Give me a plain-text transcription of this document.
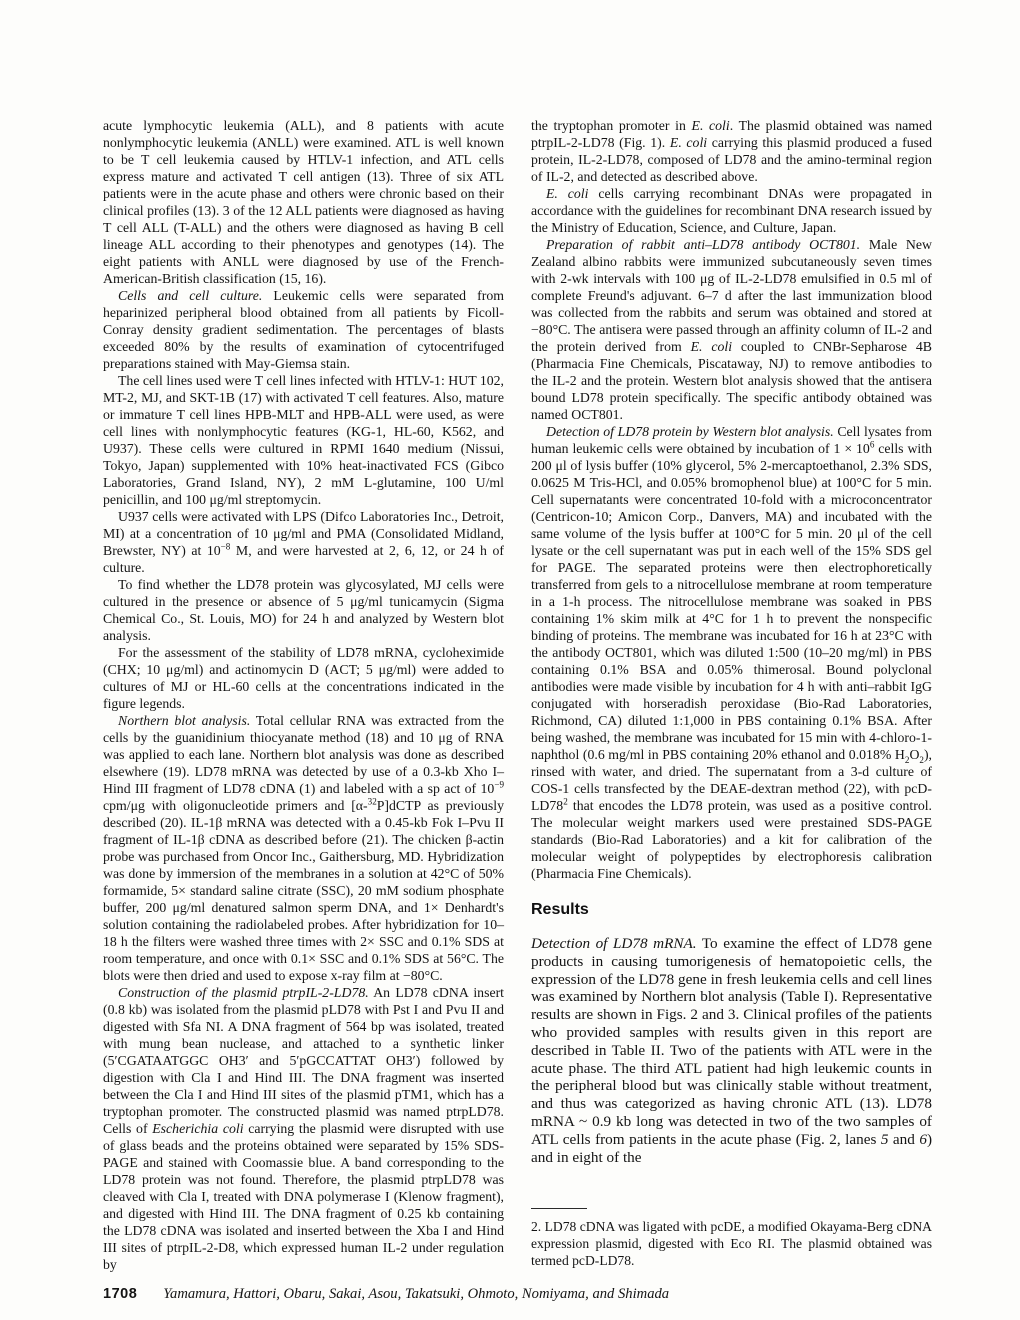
acute lymphocytic leukemia (ALL), and 8 patients with acute nonlymphocytic leukemia (ANLL) were examined. ATL is well known to be T cell leukemia caused by HTLV-1 infection, and ATL cells express mature and activated T cell antigen (13). Three of six ATL patients were in the acute phase and others were chronic based on their clinical profiles (13). 3 of the 12 ALL patients were diagnosed as having T cell ALL (T-ALL) and the others were diagnosed as having B cell lineage ALL according to their phenotypes and genotypes (14). The eight patients with ANLL were diagnosed by use of the French-American-British classification (15, 16).

Cells and cell culture. Leukemic cells were separated from heparinized peripheral blood obtained from all patients by Ficoll-Conray density gradient sedimentation. The percentages of blasts exceeded 80% by the results of examination of cytocentrifuged preparations stained with May-Giemsa stain.

The cell lines used were T cell lines infected with HTLV-1: HUT 102, MT-2, MJ, and SKT-1B (17) with activated T cell features. Also, mature or immature T cell lines HPB-MLT and HPB-ALL were used, as were cell lines with nonlymphocytic features (KG-1, HL-60, K562, and U937). These cells were cultured in RPMI 1640 medium (Nissui, Tokyo, Japan) supplemented with 10% heat-inactivated FCS (Gibco Laboratories, Grand Island, NY), 2 mM L-glutamine, 100 U/ml penicillin, and 100 μg/ml streptomycin.

U937 cells were activated with LPS (Difco Laboratories Inc., Detroit, MI) at a concentration of 10 μg/ml and PMA (Consolidated Midland, Brewster, NY) at $10^{-8}$ M, and were harvested at 2, 6, 12, or 24 h of culture.

To find whether the LD78 protein was glycosylated, MJ cells were cultured in the presence or absence of 5 μg/ml tunicamycin (Sigma Chemical Co., St. Louis, MO) for 24 h and analyzed by Western blot analysis.

For the assessment of the stability of LD78 mRNA, cycloheximide (CHX; 10 μg/ml) and actinomycin D (ACT; 5 μg/ml) were added to cultures of MJ or HL-60 cells at the concentrations indicated in the figure legends.

Northern blot analysis. Total cellular RNA was extracted from the cells by the guanidinium thiocyanate method (18) and 10 μg of RNA was applied to each lane. Northern blot analysis was done as described elsewhere (19). LD78 mRNA was detected by use of a 0.3-kb Xho I–Hind III fragment of LD78 cDNA (1) and labeled with a sp act of $10^{-9}$ cpm/μg with oligonucleotide primers and [α-$^{32}$P]dCTP as previously described (20). IL-1β mRNA was detected with a 0.45-kb Fok I–Pvu II fragment of IL-1β cDNA as described before (21). The chicken β-actin probe was purchased from Oncor Inc., Gaithersburg, MD. Hybridization was done by immersion of the membranes in a solution at 42°C of 50% formamide, 5× standard saline citrate (SSC), 20 mM sodium phosphate buffer, 200 μg/ml denatured salmon sperm DNA, and 1× Denhardt's solution containing the radiolabeled probes. After hybridization for 10–18 h the filters were washed three times with 2× SSC and 0.1% SDS at room temperature, and once with 0.1× SSC and 0.1% SDS at 56°C. The blots were then dried and used to expose x-ray film at −80°C.

Construction of the plasmid ptrpIL-2-LD78. An LD78 cDNA insert (0.8 kb) was isolated from the plasmid pLD78 with Pst I and Pvu II and digested with Sfa NI. A DNA fragment of 564 bp was isolated, treated with mung bean nuclease, and attached to a synthetic linker (5′CGATAATGGC OH3′ and 5′pGCCATTAT OH3′) followed by digestion with Cla I and Hind III. The DNA fragment was inserted between the Cla I and Hind III sites of the plasmid pTM1, which has a tryptophan promoter. The constructed plasmid was named ptrpLD78. Cells of Escherichia coli carrying the plasmid were disrupted with use of glass beads and the proteins obtained were separated by 15% SDS-PAGE and stained with Coomassie blue. A band corresponding to the LD78 protein was not found. Therefore, the plasmid ptrpLD78 was cleaved with Cla I, treated with DNA polymerase I (Klenow fragment), and digested with Hind III. The DNA fragment of 0.25 kb containing the LD78 cDNA was isolated and inserted between the Xba I and Hind III sites of ptrpIL-2-D8, which expressed human IL-2 under regulation by

the tryptophan promoter in E. coli. The plasmid obtained was named ptrpIL-2-LD78 (Fig. 1). E. coli carrying this plasmid produced a fused protein, IL-2-LD78, composed of LD78 and the amino-terminal region of IL-2, and detected as described above.

E. coli cells carrying recombinant DNAs were propagated in accordance with the guidelines for recombinant DNA research issued by the Ministry of Education, Science, and Culture, Japan.

Preparation of rabbit anti–LD78 antibody OCT801. Male New Zealand albino rabbits were immunized subcutaneously seven times with 2-wk intervals with 100 μg of IL-2-LD78 emulsified in 0.5 ml of complete Freund's adjuvant. 6–7 d after the last immunization blood was collected from the rabbits and serum was obtained and stored at −80°C. The antisera were passed through an affinity column of IL-2 and the protein derived from E. coli coupled to CNBr-Sepharose 4B (Pharmacia Fine Chemicals, Piscataway, NJ) to remove antibodies to the IL-2 and the protein. Western blot analysis showed that the antisera bound LD78 protein specifically. The specific antibody obtained was named OCT801.

Detection of LD78 protein by Western blot analysis. Cell lysates from human leukemic cells were obtained by incubation of $1 \times 10^6$ cells with 200 μl of lysis buffer (10% glycerol, 5% 2-mercaptoethanol, 2.3% SDS, 0.0625 M Tris-HCl, and 0.05% bromophenol blue) at 100°C for 5 min. Cell supernatants were concentrated 10-fold with a microconcentrator (Centricon-10; Amicon Corp., Danvers, MA) and incubated with the same volume of the lysis buffer at 100°C for 5 min. 20 μl of the cell lysate or the cell supernatant was put in each well of the 15% SDS gel for PAGE. The separated proteins were then electrophoretically transferred from gels to a nitrocellulose membrane at room temperature in a 1-h process. The nitrocellulose membrane was soaked in PBS containing 1% skim milk at 4°C for 1 h to prevent the nonspecific binding of proteins. The membrane was incubated for 16 h at 23°C with the antibody OCT801, which was diluted 1:500 (10–20 mg/ml) in PBS containing 0.1% BSA and 0.05% thimerosal. Bound polyclonal antibodies were made visible by incubation for 4 h with anti–rabbit IgG conjugated with horseradish peroxidase (Bio-Rad Laboratories, Richmond, CA) diluted 1:1,000 in PBS containing 0.1% BSA. After being washed, the membrane was incubated for 15 min with 4-chloro-1-naphthol (0.6 mg/ml in PBS containing 20% ethanol and 0.018% $H_2O_2$), rinsed with water, and dried. The supernatant from a 3-d culture of COS-1 cells transfected by the DEAE-dextran method (22), with pcD-$LD78^2$ that encodes the LD78 protein, was used as a positive control. The molecular weight markers used were prestained SDS-PAGE standards (Bio-Rad Laboratories) and a kit for calibration of the molecular weight of polypeptides by electrophoresis calibration (Pharmacia Fine Chemicals).

Results

Detection of LD78 mRNA. To examine the effect of LD78 gene products in causing tumorigenesis of hematopoietic cells, the expression of the LD78 gene in fresh leukemia cells and cell lines was examined by Northern blot analysis (Table I). Representative results are shown in Figs. 2 and 3. Clinical profiles of the patients who provided samples with results given in this report are described in Table II. Two of the patients with ATL were in the acute phase. The third ATL patient had high leukemic counts in the peripheral blood but was clinically stable without treatment, and thus was categorized as having chronic ATL (13). LD78 mRNA ~ 0.9 kb long was detected in two of the two samples of ATL cells from patients in the acute phase (Fig. 2, lanes 5 and 6) and in eight of the

2. LD78 cDNA was ligated with pcDE, a modified Okayama-Berg cDNA expression plasmid, digested with Eco RI. The plasmid obtained was termed pcD-LD78.

1708 Yamamura, Hattori, Obaru, Sakai, Asou, Takatsuki, Ohmoto, Nomiyama, and Shimada
